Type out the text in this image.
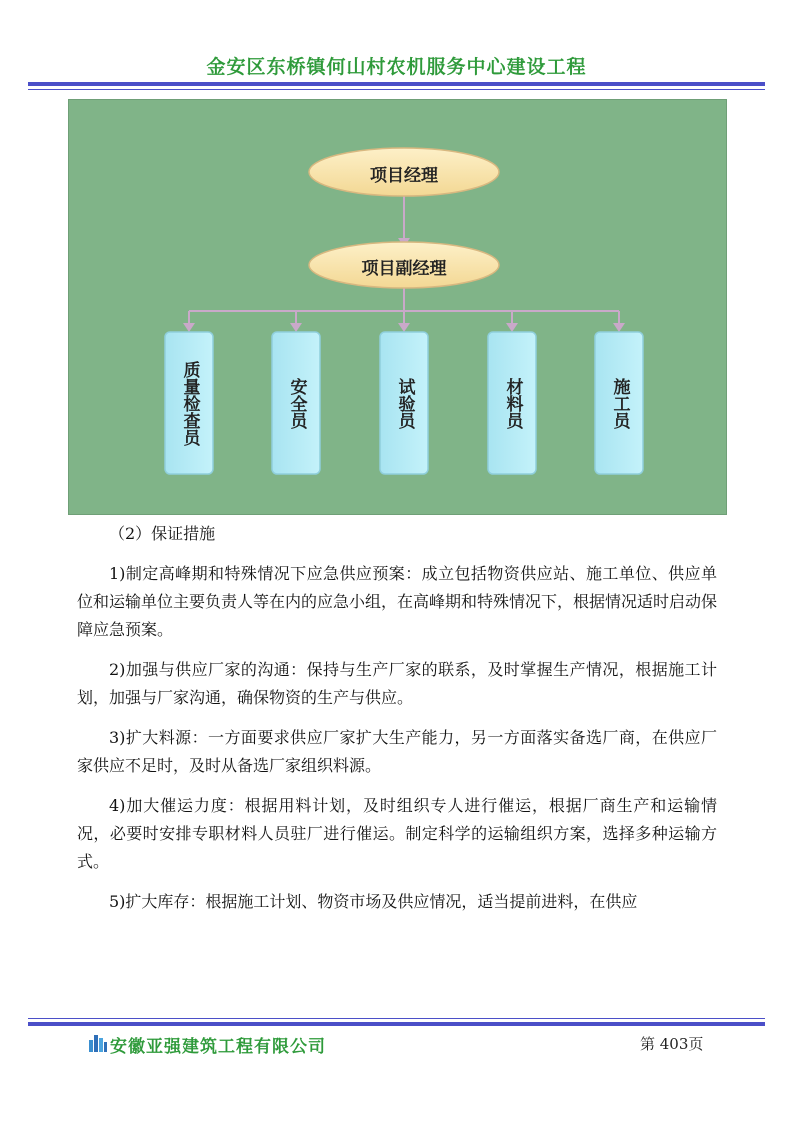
金安区东桥镇何山村农机服务中心建设工程
项目经理
项目副经理
质量检查员	安全员	试验员	材料员	施工员

（2）保证措施

1)制定高峰期和特殊情况下应急供应预案：成立包括物资供应站、施工单位、供应单位和运输单位主要负责人等在内的应急小组，在高峰期和特殊情况下，根据情况适时启动保障应急预案。

2)加强与供应厂家的沟通：保持与生产厂家的联系，及时掌握生产情况，根据施工计划，加强与厂家沟通，确保物资的生产与供应。

3)扩大料源：一方面要求供应厂家扩大生产能力，另一方面落实备选厂商，在供应厂家供应不足时，及时从备选厂家组织料源。

4)加大催运力度：根据用料计划，及时组织专人进行催运，根据厂商生产和运输情况，必要时安排专职材料人员驻厂进行催运。制定科学的运输组织方案，选择多种运输方式。

5)扩大库存：根据施工计划、物资市场及供应情况，适当提前进料，在供应

安徽亚强建筑工程有限公司	第 403页
